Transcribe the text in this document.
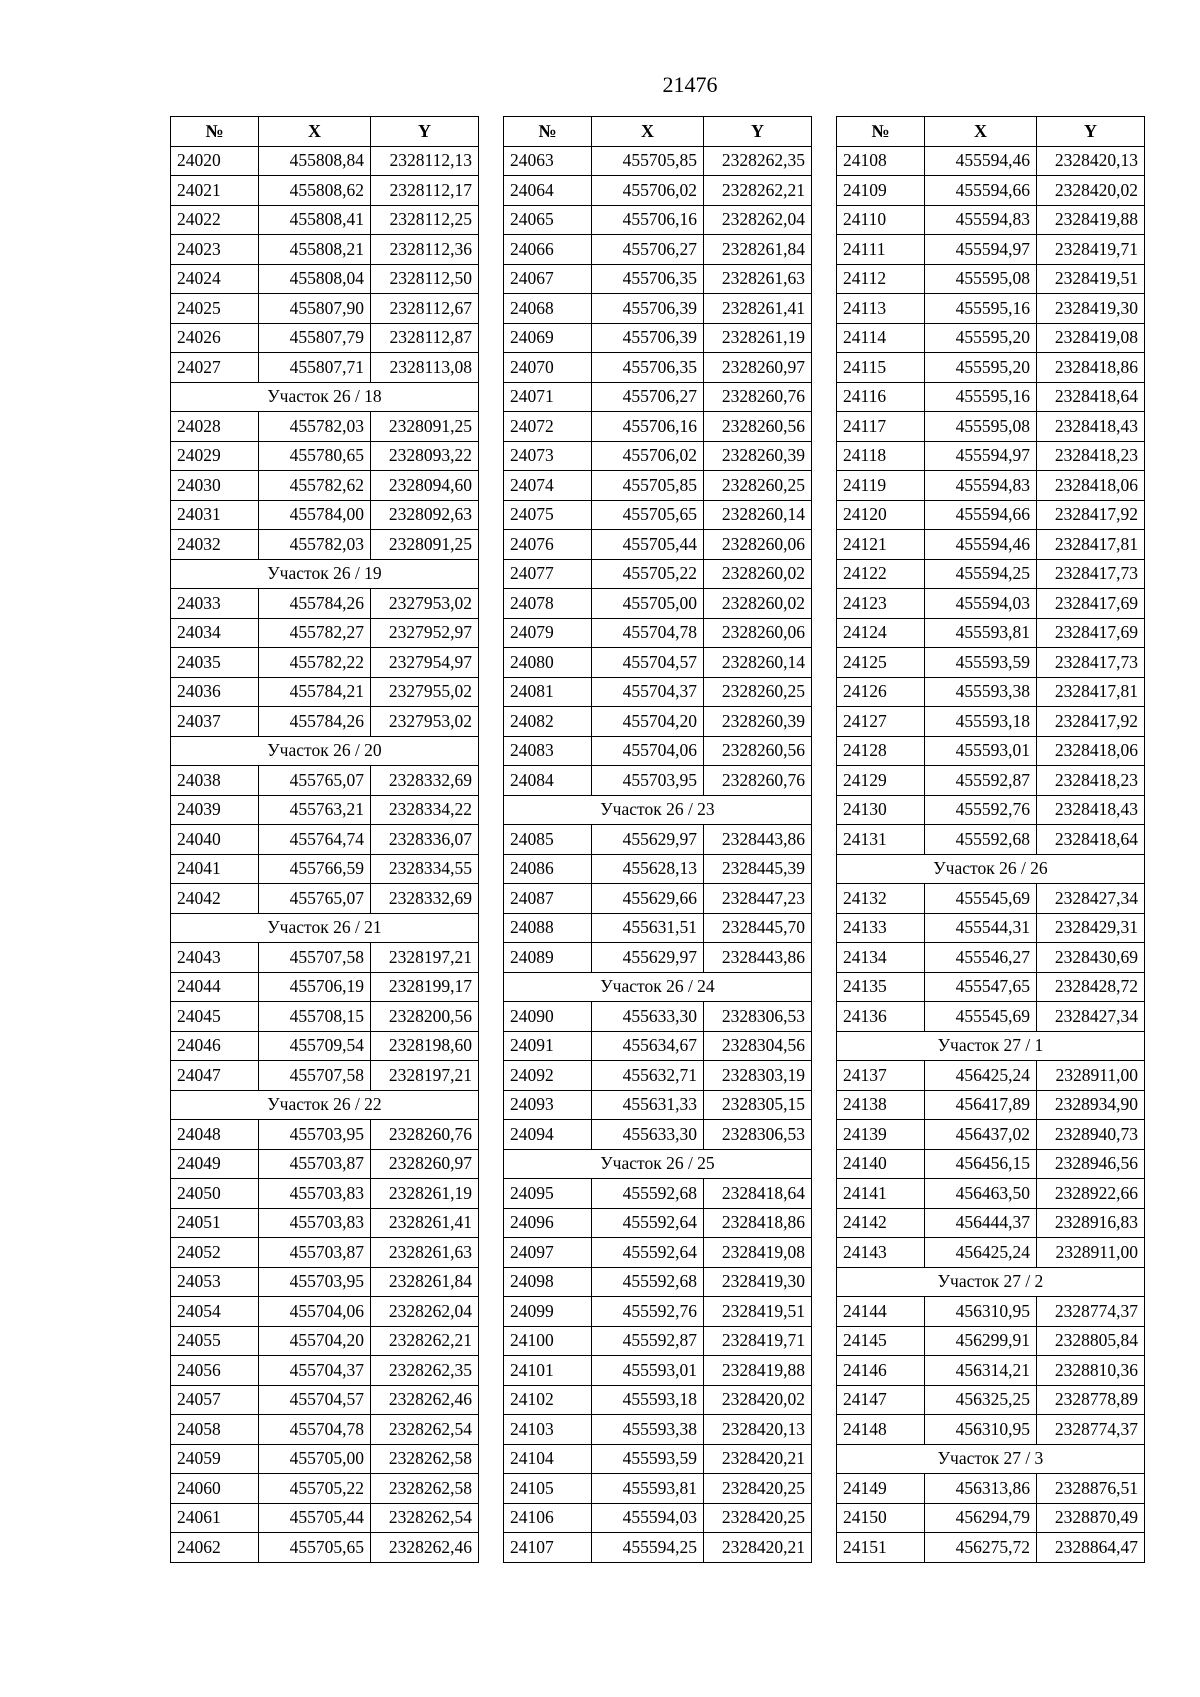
21476
№	X	Y
24020	455808,84	2328112,13
24021	455808,62	2328112,17
24022	455808,41	2328112,25
24023	455808,21	2328112,36
24024	455808,04	2328112,50
24025	455807,90	2328112,67
24026	455807,79	2328112,87
24027	455807,71	2328113,08
Участок 26 / 18		
24028	455782,03	2328091,25
24029	455780,65	2328093,22
24030	455782,62	2328094,60
24031	455784,00	2328092,63
24032	455782,03	2328091,25
Участок 26 / 19		
24033	455784,26	2327953,02
24034	455782,27	2327952,97
24035	455782,22	2327954,97
24036	455784,21	2327955,02
24037	455784,26	2327953,02
Участок 26 / 20		
24038	455765,07	2328332,69
24039	455763,21	2328334,22
24040	455764,74	2328336,07
24041	455766,59	2328334,55
24042	455765,07	2328332,69
Участок 26 / 21		
24043	455707,58	2328197,21
24044	455706,19	2328199,17
24045	455708,15	2328200,56
24046	455709,54	2328198,60
24047	455707,58	2328197,21
Участок 26 / 22		
24048	455703,95	2328260,76
24049	455703,87	2328260,97
24050	455703,83	2328261,19
24051	455703,83	2328261,41
24052	455703,87	2328261,63
24053	455703,95	2328261,84
24054	455704,06	2328262,04
24055	455704,20	2328262,21
24056	455704,37	2328262,35
24057	455704,57	2328262,46
24058	455704,78	2328262,54
24059	455705,00	2328262,58
24060	455705,22	2328262,58
24061	455705,44	2328262,54
24062	455705,65	2328262,46
№	X	Y
24063	455705,85	2328262,35
24064	455706,02	2328262,21
24065	455706,16	2328262,04
24066	455706,27	2328261,84
24067	455706,35	2328261,63
24068	455706,39	2328261,41
24069	455706,39	2328261,19
24070	455706,35	2328260,97
24071	455706,27	2328260,76
24072	455706,16	2328260,56
24073	455706,02	2328260,39
24074	455705,85	2328260,25
24075	455705,65	2328260,14
24076	455705,44	2328260,06
24077	455705,22	2328260,02
24078	455705,00	2328260,02
24079	455704,78	2328260,06
24080	455704,57	2328260,14
24081	455704,37	2328260,25
24082	455704,20	2328260,39
24083	455704,06	2328260,56
24084	455703,95	2328260,76
Участок 26 / 23		
24085	455629,97	2328443,86
24086	455628,13	2328445,39
24087	455629,66	2328447,23
24088	455631,51	2328445,70
24089	455629,97	2328443,86
Участок 26 / 24		
24090	455633,30	2328306,53
24091	455634,67	2328304,56
24092	455632,71	2328303,19
24093	455631,33	2328305,15
24094	455633,30	2328306,53
Участок 26 / 25		
24095	455592,68	2328418,64
24096	455592,64	2328418,86
24097	455592,64	2328419,08
24098	455592,68	2328419,30
24099	455592,76	2328419,51
24100	455592,87	2328419,71
24101	455593,01	2328419,88
24102	455593,18	2328420,02
24103	455593,38	2328420,13
24104	455593,59	2328420,21
24105	455593,81	2328420,25
24106	455594,03	2328420,25
24107	455594,25	2328420,21
№	X	Y
24108	455594,46	2328420,13
24109	455594,66	2328420,02
24110	455594,83	2328419,88
24111	455594,97	2328419,71
24112	455595,08	2328419,51
24113	455595,16	2328419,30
24114	455595,20	2328419,08
24115	455595,20	2328418,86
24116	455595,16	2328418,64
24117	455595,08	2328418,43
24118	455594,97	2328418,23
24119	455594,83	2328418,06
24120	455594,66	2328417,92
24121	455594,46	2328417,81
24122	455594,25	2328417,73
24123	455594,03	2328417,69
24124	455593,81	2328417,69
24125	455593,59	2328417,73
24126	455593,38	2328417,81
24127	455593,18	2328417,92
24128	455593,01	2328418,06
24129	455592,87	2328418,23
24130	455592,76	2328418,43
24131	455592,68	2328418,64
Участок 26 / 26		
24132	455545,69	2328427,34
24133	455544,31	2328429,31
24134	455546,27	2328430,69
24135	455547,65	2328428,72
24136	455545,69	2328427,34
Участок 27 / 1		
24137	456425,24	2328911,00
24138	456417,89	2328934,90
24139	456437,02	2328940,73
24140	456456,15	2328946,56
24141	456463,50	2328922,66
24142	456444,37	2328916,83
24143	456425,24	2328911,00
Участок 27 / 2		
24144	456310,95	2328774,37
24145	456299,91	2328805,84
24146	456314,21	2328810,36
24147	456325,25	2328778,89
24148	456310,95	2328774,37
Участок 27 / 3		
24149	456313,86	2328876,51
24150	456294,79	2328870,49
24151	456275,72	2328864,47
